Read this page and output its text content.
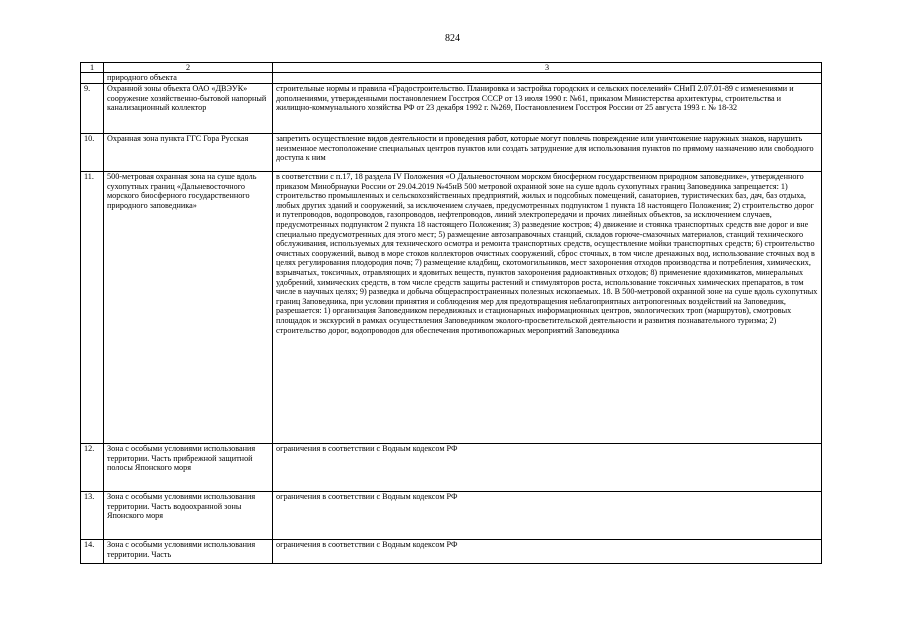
824
1	2	3
	природного объекта	
9.	Охранной зоны объекта ОАО «ДВЭУК» сооружение хозяйственно-бытовой напорный канализационный коллектор	строительные нормы и правила «Градостроительство. Планировка и застройка городских и сельских поселений» СНиП 2.07.01-89 с изменениями и дополнениями, утвержденными постановлением Госстроя СССР от 13 июля 1990 г. №61, приказом Министерства архитектуры, строительства и жилищно-коммунального хозяйства РФ от 23 декабря 1992 г. №269, Постановлением Госстроя России от 25 августа 1993 г. № 18-32
10.	Охранная зона пункта ГГС Гора Русская	запретить осуществление видов деятельности и проведения работ, которые могут повлечь повреждение или уничтожение наружных знаков, нарушить неизменное местоположение специальных центров пунктов или создать затруднение для использования пунктов по прямому назначению или свободного доступа к ним
11.	500-метровая охранная зона на суше вдоль сухопутных границ «Дальневосточного морского биосферного государственного природного заповедника»	в соответствии с п.17, 18 раздела IV Положения «О Дальневосточном морском биосферном государственном природном заповеднике», утвержденного приказом Минобрнауки России от 29.04.2019 №45нВ 500 метровой охранной зоне на суше вдоль сухопутных границ Заповедника запрещается: 1) строительство промышленных и сельскохозяйственных предприятий, жилых и подсобных помещений, санаториев, туристических баз, дач, баз отдыха, любых других зданий и сооружений, за исключением случаев, предусмотренных подпунктом 1 пункта 18 настоящего Положения; 2) строительство дорог и путепроводов, водопроводов, газопроводов, нефтепроводов, линий электропередачи и прочих линейных объектов, за исключением случаев, предусмотренных подпунктом 2 пункта 18 настоящего Положения; 3) разведение костров; 4) движение и стоянка транспортных средств вне дорог и вне специально предусмотренных для этого мест; 5) размещение автозаправочных станций, складов горюче-смазочных материалов, станций технического обслуживания, используемых для технического осмотра и ремонта транспортных средств, осуществление мойки транспортных средств; 6) строительство очистных сооружений, вывод в море стоков коллекторов очистных сооружений, сброс сточных, в том числе дренажных вод, использование сточных вод в целях регулирования плодородия почв; 7) размещение кладбищ, скотомогильников, мест захоронения отходов производства и потребления, химических, взрывчатых, токсичных, отравляющих и ядовитых веществ, пунктов захоронения радиоактивных отходов; 8) применение ядохимикатов, минеральных удобрений, химических средств, в том числе средств защиты растений и стимуляторов роста, использование токсичных химических препаратов, в том числе в научных целях; 9) разведка и добыча общераспространенных полезных ископаемых. 18. В 500-метровой охранной зоне на суше вдоль сухопутных границ Заповедника, при условии принятия и соблюдения мер для предотвращения неблагоприятных антропогенных воздействий на Заповедник, разрешается: 1) организация Заповедником передвижных и стационарных информационных центров, экологических троп (маршрутов), смотровых площадок и экскурсий в рамках осуществления Заповедником эколого-просветительской деятельности и развития познавательного туризма; 2) строительство дорог, водопроводов для обеспечения противопожарных мероприятий Заповедника
12.	Зона с особыми условиями использования территории. Часть прибрежной защитной полосы Японского моря	ограничения в соответствии с Водным кодексом РФ
13.	Зона с особыми условиями использования территории. Часть водоохранной зоны Японского моря	ограничения в соответствии с Водным кодексом РФ
14.	Зона с особыми условиями использования территории. Часть	ограничения в соответствии с Водным кодексом РФ
